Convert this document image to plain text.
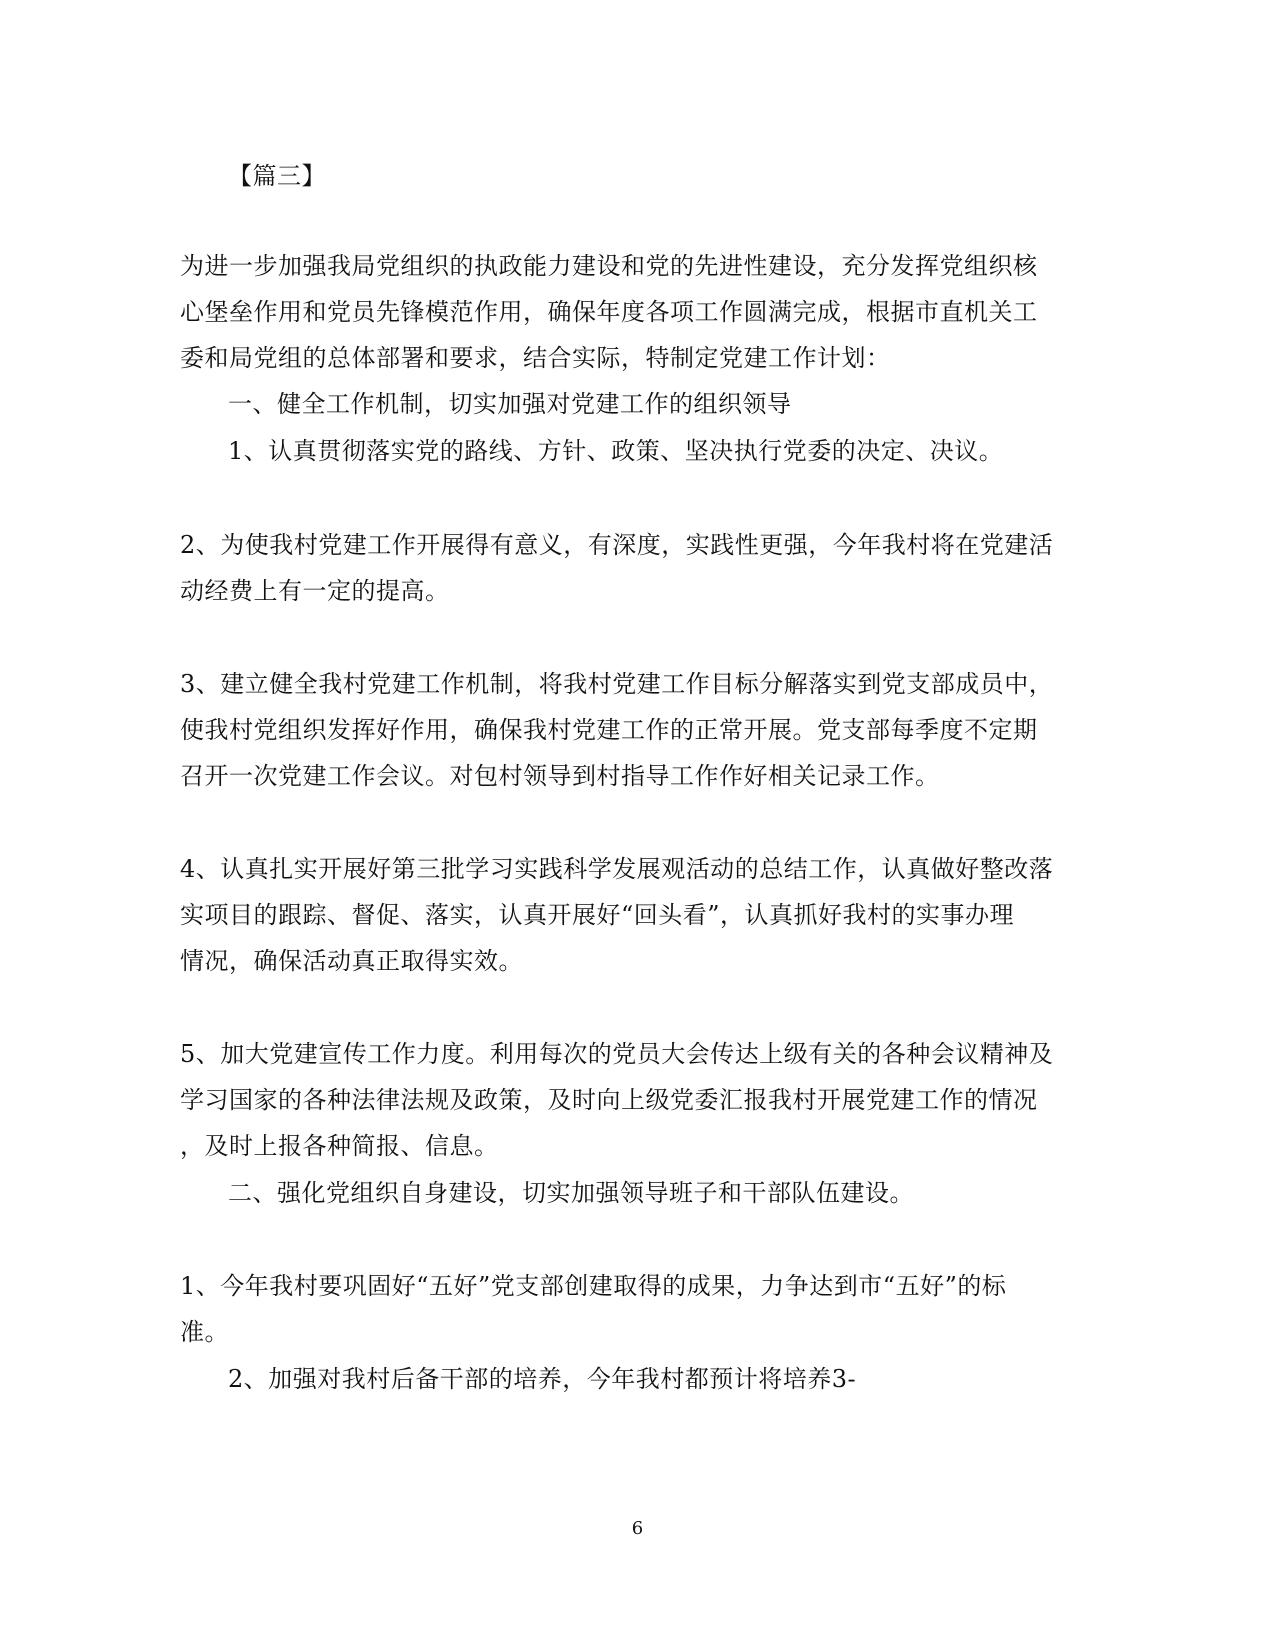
【篇三】
为进一步加强我局党组织的执政能力建设和党的先进性建设，充分发挥党组织核
心堡垒作用和党员先锋模范作用，确保年度各项工作圆满完成，根据市直机关工
委和局党组的总体部署和要求，结合实际，特制定党建工作计划：
一、健全工作机制，切实加强对党建工作的组织领导
1、认真贯彻落实党的路线、方针、政策、坚决执行党委的决定、决议。
2、为使我村党建工作开展得有意义，有深度，实践性更强，今年我村将在党建活
动经费上有一定的提高。
3、建立健全我村党建工作机制，将我村党建工作目标分解落实到党支部成员中，
使我村党组织发挥好作用，确保我村党建工作的正常开展。党支部每季度不定期
召开一次党建工作会议。对包村领导到村指导工作作好相关记录工作。
4、认真扎实开展好第三批学习实践科学发展观活动的总结工作，认真做好整改落
实项目的跟踪、督促、落实，认真开展好“回头看”，认真抓好我村的实事办理
情况，确保活动真正取得实效。
5、加大党建宣传工作力度。利用每次的党员大会传达上级有关的各种会议精神及
学习国家的各种法律法规及政策，及时向上级党委汇报我村开展党建工作的情况
，及时上报各种简报、信息。
二、强化党组织自身建设，切实加强领导班子和干部队伍建设。
1、今年我村要巩固好“五好”党支部创建取得的成果，力争达到市“五好”的标
准。
2、加强对我村后备干部的培养，今年我村都预计将培养3-
6
